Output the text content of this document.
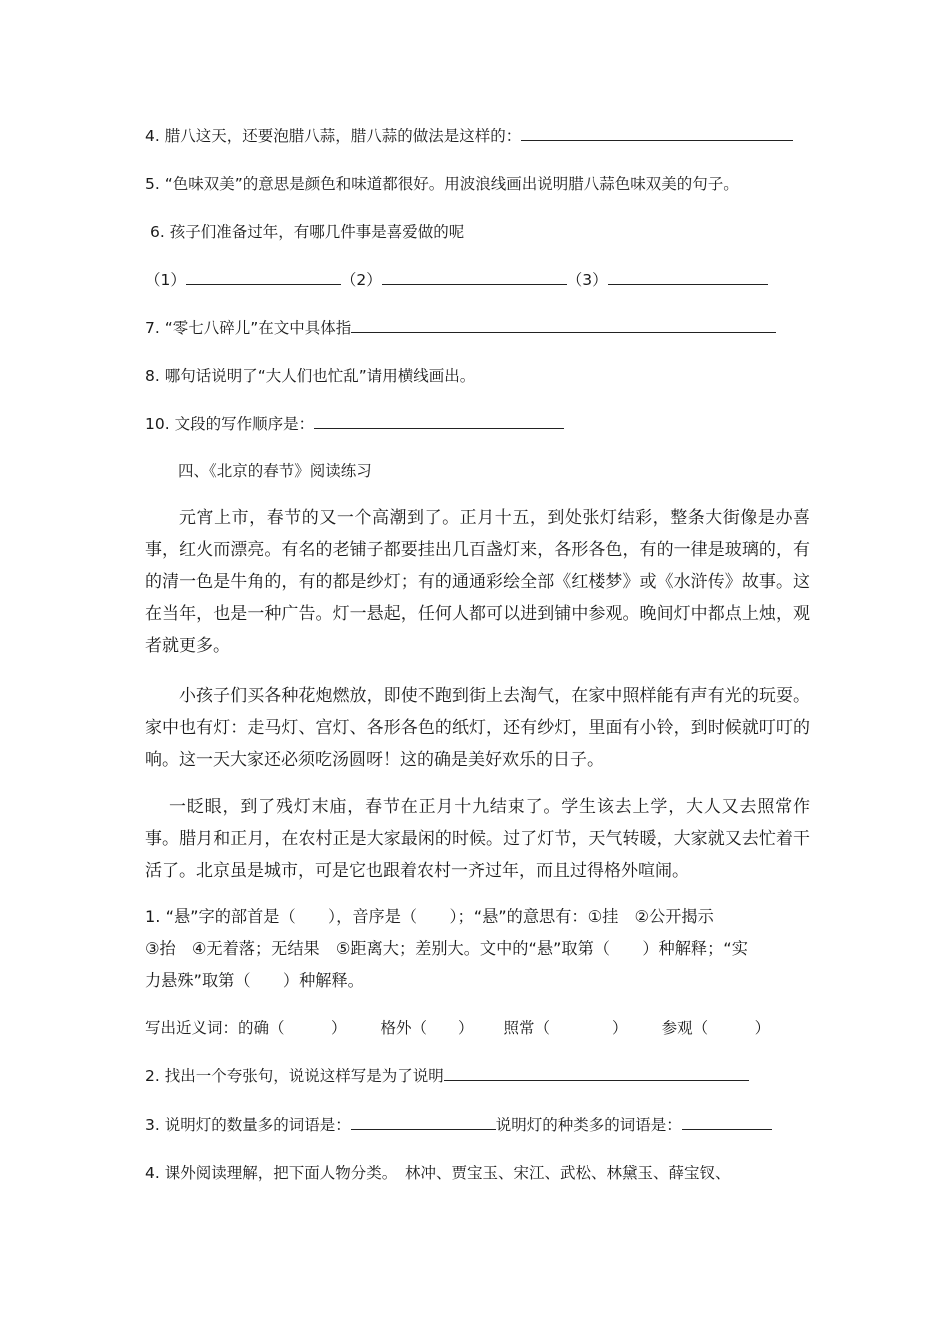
4. 腊八这天，还要泡腊八蒜，腊八蒜的做法是这样的：
5. “色味双美”的意思是颜色和味道都很好。用波浪线画出说明腊八蒜色味双美的句子。
6. 孩子们准备过年，有哪几件事是喜爱做的呢
（1）	（2）	（3）
7. “零七八碎儿”在文中具体指
8. 哪句话说明了“大人们也忙乱”请用横线画出。
10. 文段的写作顺序是：
四、《北京的春节》阅读练习
元宵上市，春节的又一个高潮到了。正月十五，到处张灯结彩，整条大街像是办喜事，红火而漂亮。有名的老铺子都要挂出几百盏灯来，各形各色，有的一律是玻璃的，有的清一色是牛角的，有的都是纱灯；有的通通彩绘全部《红楼梦》或《水浒传》故事。这在当年，也是一种广告。灯一悬起，任何人都可以进到铺中参观。晚间灯中都点上烛，观者就更多。
小孩子们买各种花炮燃放，即使不跑到街上去淘气，在家中照样能有声有光的玩耍。家中也有灯：走马灯、宫灯、各形各色的纸灯，还有纱灯，里面有小铃，到时候就叮叮的响。这一天大家还必须吃汤圆呀！这的确是美好欢乐的日子。
一眨眼，到了残灯末庙，春节在正月十九结束了。学生该去上学，大人又去照常作事。腊月和正月，在农村正是大家最闲的时候。过了灯节，天气转暖，大家就又去忙着干活了。北京虽是城市，可是它也跟着农村一齐过年，而且过得格外喧闹。
1. “悬”字的部首是（　　），音序是（　　）；“悬”的意思有：①挂　②公开揭示
③抬　④无着落；无结果　⑤距离大；差别大。文中的“悬”取第（　　）种解释；“实
力悬殊”取第（　　）种解释。
写出近义词：的确（　　　） 格外（　　） 照常（　　　　） 参观（　　　）
2. 找出一个夸张句，说说这样写是为了说明
3. 说明灯的数量多的词语是：	说明灯的种类多的词语是：
4. 课外阅读理解，把下面人物分类。　林冲、贾宝玉、宋江、武松、林黛玉、薛宝钗、
